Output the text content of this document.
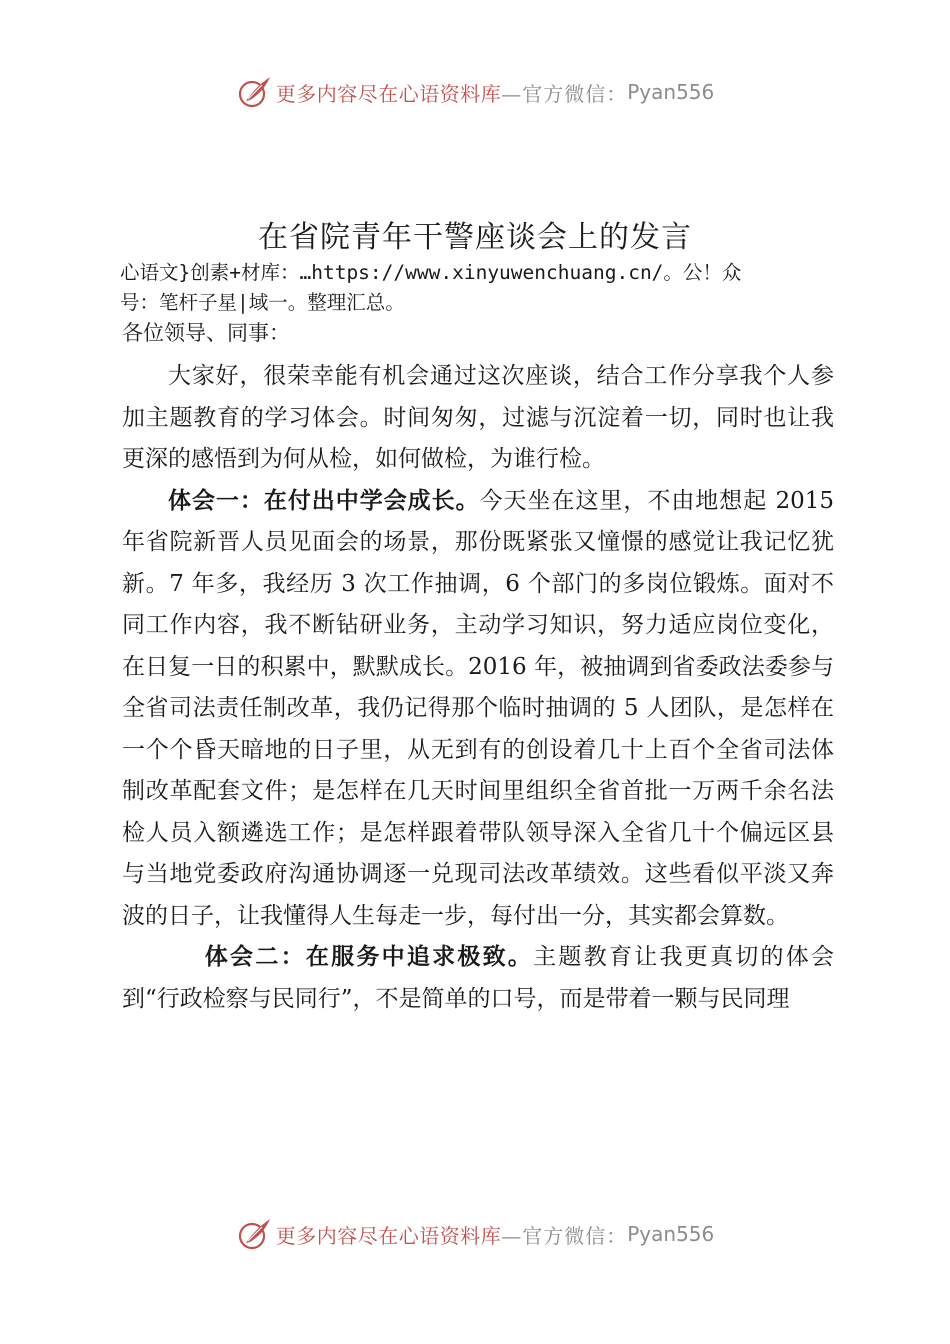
更多内容尽在心语资料库 —官方微信： Pyan556
在省院青年干警座谈会上的发言
心语文}创素+材库：…https://www.xinyuwenchuang.cn/。公！众
号：笔杆子星|域一。整理汇总。
各位领导、同事：

大家好，很荣幸能有机会通过这次座谈，结合工作分享我个人参加主题教育的学习体会。时间匆匆，过滤与沉淀着一切，同时也让我更深的感悟到为何从检，如何做检，为谁行检。

体会一：在付出中学会成长。今天坐在这里，不由地想起 2015 年省院新晋人员见面会的场景，那份既紧张又憧憬的感觉让我记忆犹新。7 年多，我经历 3 次工作抽调，6 个部门的多岗位锻炼。面对不同工作内容，我不断钻研业务，主动学习知识，努力适应岗位变化，在日复一日的积累中，默默成长。2016 年，被抽调到省委政法委参与全省司法责任制改革，我仍记得那个临时抽调的 5 人团队，是怎样在一个个昏天暗地的日子里，从无到有的创设着几十上百个全省司法体制改革配套文件；是怎样在几天时间里组织全省首批一万两千余名法检人员入额遴选工作；是怎样跟着带队领导深入全省几十个偏远区县与当地党委政府沟通协调逐一兑现司法改革绩效。这些看似平淡又奔波的日子，让我懂得人生每走一步，每付出一分，其实都会算数。

体会二：在服务中追求极致。主题教育让我更真切的体会到“行政检察与民同行”，不是简单的口号，而是带着一颗与民同理

更多内容尽在心语资料库 —官方微信： Pyan556
